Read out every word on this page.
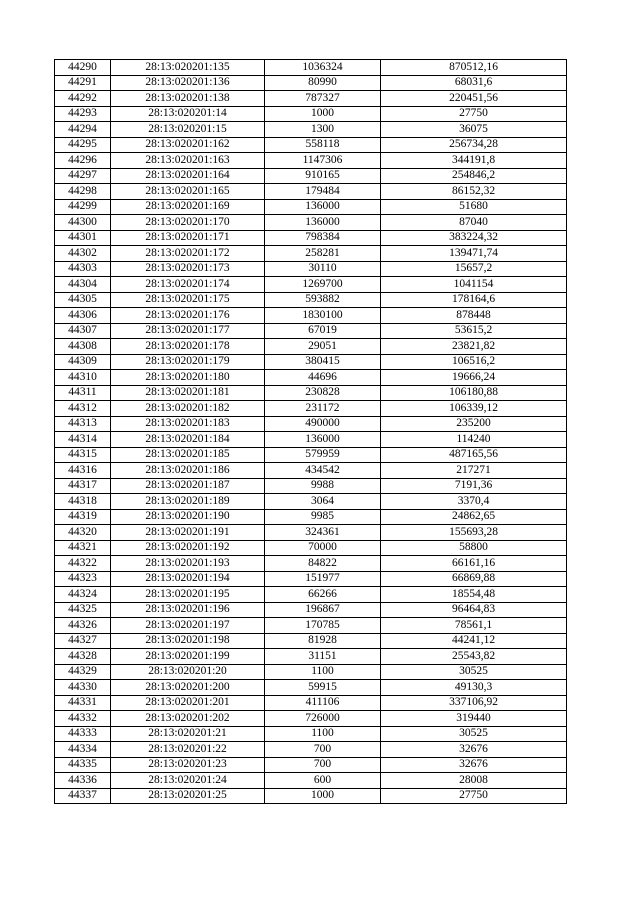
44290	28:13:020201:135	1036324	870512,16
44291	28:13:020201:136	80990	68031,6
44292	28:13:020201:138	787327	220451,56
44293	28:13:020201:14	1000	27750
44294	28:13:020201:15	1300	36075
44295	28:13:020201:162	558118	256734,28
44296	28:13:020201:163	1147306	344191,8
44297	28:13:020201:164	910165	254846,2
44298	28:13:020201:165	179484	86152,32
44299	28:13:020201:169	136000	51680
44300	28:13:020201:170	136000	87040
44301	28:13:020201:171	798384	383224,32
44302	28:13:020201:172	258281	139471,74
44303	28:13:020201:173	30110	15657,2
44304	28:13:020201:174	1269700	1041154
44305	28:13:020201:175	593882	178164,6
44306	28:13:020201:176	1830100	878448
44307	28:13:020201:177	67019	53615,2
44308	28:13:020201:178	29051	23821,82
44309	28:13:020201:179	380415	106516,2
44310	28:13:020201:180	44696	19666,24
44311	28:13:020201:181	230828	106180,88
44312	28:13:020201:182	231172	106339,12
44313	28:13:020201:183	490000	235200
44314	28:13:020201:184	136000	114240
44315	28:13:020201:185	579959	487165,56
44316	28:13:020201:186	434542	217271
44317	28:13:020201:187	9988	7191,36
44318	28:13:020201:189	3064	3370,4
44319	28:13:020201:190	9985	24862,65
44320	28:13:020201:191	324361	155693,28
44321	28:13:020201:192	70000	58800
44322	28:13:020201:193	84822	66161,16
44323	28:13:020201:194	151977	66869,88
44324	28:13:020201:195	66266	18554,48
44325	28:13:020201:196	196867	96464,83
44326	28:13:020201:197	170785	78561,1
44327	28:13:020201:198	81928	44241,12
44328	28:13:020201:199	31151	25543,82
44329	28:13:020201:20	1100	30525
44330	28:13:020201:200	59915	49130,3
44331	28:13:020201:201	411106	337106,92
44332	28:13:020201:202	726000	319440
44333	28:13:020201:21	1100	30525
44334	28:13:020201:22	700	32676
44335	28:13:020201:23	700	32676
44336	28:13:020201:24	600	28008
44337	28:13:020201:25	1000	27750
